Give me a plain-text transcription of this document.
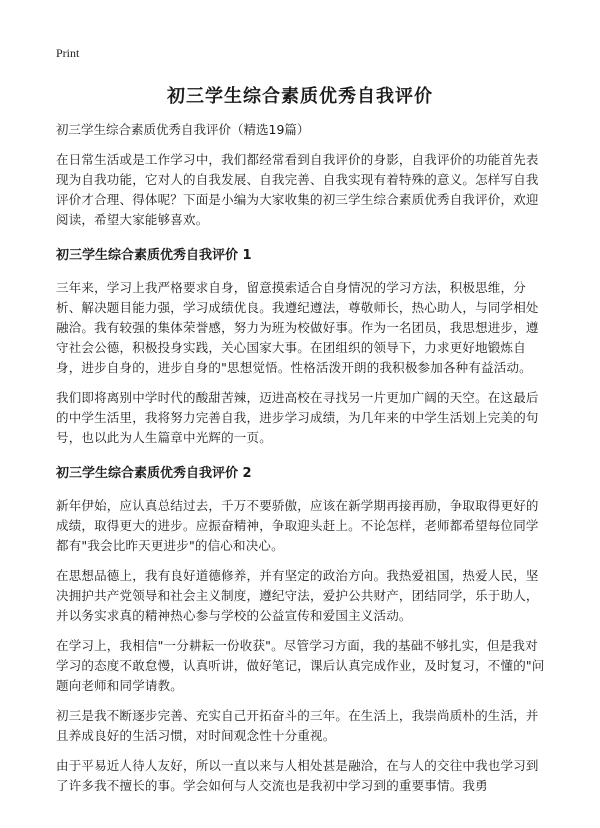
Print
初三学生综合素质优秀自我评价

初三学生综合素质优秀自我评价（精选19篇）

在日常生活或是工作学习中，我们都经常看到自我评价的身影，自我评价的功能首先表现为自我功能，它对人的自我发展、自我完善、自我实现有着特殊的意义。怎样写自我评价才合理、得体呢？下面是小编为大家收集的初三学生综合素质优秀自我评价，欢迎阅读，希望大家能够喜欢。

初三学生综合素质优秀自我评价 1

三年来，学习上我严格要求自身，留意摸索适合自身情况的学习方法，积极思维，分析、解决题目能力强，学习成绩优良。我遵纪遵法，尊敬师长，热心助人，与同学相处融洽。我有较强的集体荣誉感，努力为班为校做好事。作为一名团员，我思想进步，遵守社会公德，积极投身实践，关心国家大事。在团组织的领导下，力求更好地锻炼自身，进步自身的，进步自身的"思想觉悟。性格活泼开朗的我积极参加各种有益活动。

我们即将离别中学时代的酸甜苦辣，迈进高校在寻找另一片更加广阔的天空。在这最后的中学生活里，我将努力完善自我，进步学习成绩，为几年来的中学生活划上完美的句号，也以此为人生篇章中光辉的一页。

初三学生综合素质优秀自我评价 2

新年伊始，应认真总结过去，千万不要骄傲，应该在新学期再接再励，争取取得更好的成绩，取得更大的进步。应振奋精神，争取迎头赶上。不论怎样，老师都希望每位同学都有"我会比昨天更进步"的信心和决心。

在思想品德上，我有良好道德修养，并有坚定的政治方向。我热爱祖国，热爱人民，坚决拥护共产党领导和社会主义制度，遵纪守法，爱护公共财产，团结同学，乐于助人，并以务实求真的精神热心参与学校的公益宣传和爱国主义活动。

在学习上，我相信"一分耕耘一份收获"。尽管学习方面，我的基础不够扎实，但是我对学习的态度不敢怠慢，认真听讲，做好笔记，课后认真完成作业，及时复习，不懂的"问题向老师和同学请教。

初三是我不断逐步完善、充实自己开拓奋斗的三年。在生活上，我崇尚质朴的生活，并且养成良好的生活习惯，对时间观念性十分重视。

由于平易近人待人友好，所以一直以来与人相处甚是融洽，在与人的交往中我也学习到了许多我不擅长的事。学会如何与人交流也是我初中学习到的重要事情。我勇
